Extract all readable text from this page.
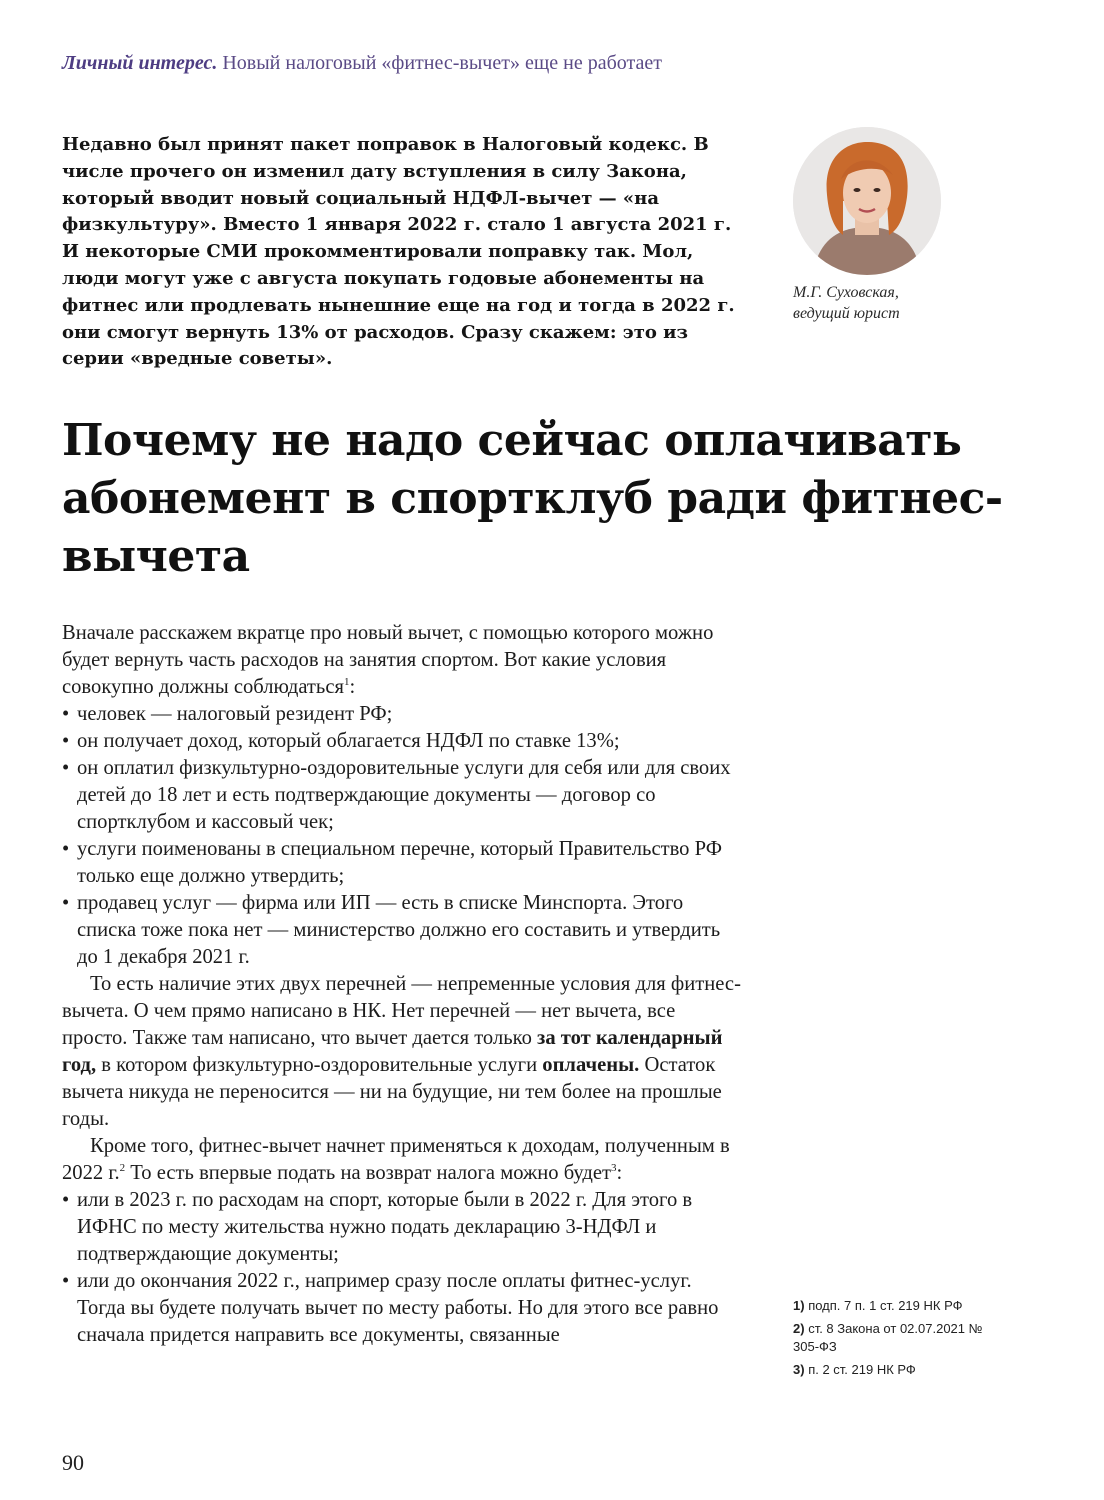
Личный интерес. Новый налоговый «фитнес-вычет» еще не работает

Недавно был принят пакет поправок в Налоговый кодекс. В числе прочего он изменил дату вступления в силу Закона, который вводит новый социальный НДФЛ-вычет — «на физкультуру». Вместо 1 января 2022 г. стало 1 августа 2021 г. И некоторые СМИ прокомментировали поправку так. Мол, люди могут уже с августа покупать годовые абонементы на фитнес или продлевать нынешние еще на год и тогда в 2022 г. они смогут вернуть 13% от расходов. Сразу скажем: это из серии «вредные советы».

М.Г. Суховская,
ведущий юрист
Почему не надо сейчас оплачивать абонемент в спортклуб ради фитнес-вычета

Вначале расскажем вкратце про новый вычет, с помощью которого можно будет вернуть часть расходов на занятия спортом. Вот какие условия совокупно должны соблюдаться$^1$:

• человек — налоговый резидент РФ;
• он получает доход, который облагается НДФЛ по ставке 13%;
• он оплатил физкультурно-оздоровительные услуги для себя или для своих детей до 18 лет и есть подтверждающие документы — договор со спортклубом и кассовый чек;
• услуги поименованы в специальном перечне, который Правительство РФ только еще должно утвердить;
• продавец услуг — фирма или ИП — есть в списке Минспорта. Этого списка тоже пока нет — министерство должно его составить и утвердить до 1 декабря 2021 г.

То есть наличие этих двух перечней — непременные условия для фитнес-вычета. О чем прямо написано в НК. Нет перечней — нет вычета, все просто. Также там написано, что вычет дается только за тот календарный год, в котором физкультурно-оздоровительные услуги оплачены. Остаток вычета никуда не переносится — ни на будущие, ни тем более на прошлые годы.

Кроме того, фитнес-вычет начнет применяться к доходам, полученным в 2022 г.$^2$ То есть впервые подать на возврат налога можно будет$^3$:

• или в 2023 г. по расходам на спорт, которые были в 2022 г. Для этого в ИФНС по месту жительства нужно подать декларацию 3-НДФЛ и подтверждающие документы;
• или до окончания 2022 г., например сразу после оплаты фитнес-услуг. Тогда вы будете получать вычет по месту работы. Но для этого все равно сначала придется направить все документы, связанные
1) подп. 7 п. 1 ст. 219 НК РФ
2) ст. 8 Закона от 02.07.2021 № 305-ФЗ
3) п. 2 ст. 219 НК РФ
90
